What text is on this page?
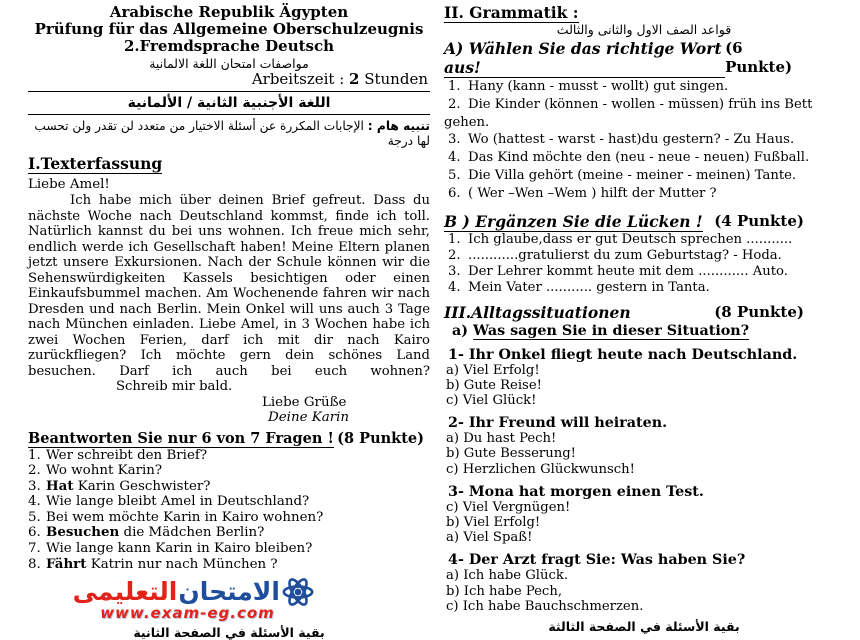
Arabische Republik Ägypten
Prüfung für das Allgemeine Oberschulzeugnis
2.Fremdsprache Deutsch
مواصفات امتحان اللغة الالمانية
Arbeitszeit : 2 Stunden
اللغة الأجنبية الثانية / الألمانية
تنبيه هام : الإجابات المكررة عن أسئلة الاختيار من متعدد لن تقدر ولن تحسب لها درجة
I.Texterfassung
Liebe Amel!

Ich habe mich über deinen Brief gefreut. Dass du nächste Woche nach Deutschland kommst, finde ich toll. Natürlich kannst du bei uns wohnen. Ich freue mich sehr, endlich werde ich Gesellschaft haben! Meine Eltern planen jetzt unsere Exkursionen. Nach der Schule können wir die Sehenswürdigkeiten Kassels besichtigen oder einen Einkaufsbummel machen. Am Wochenende fahren wir nach Dresden und nach Berlin. Mein Onkel will uns auch 3 Tage nach München einladen. Liebe Amel, in 3 Wochen habe ich zwei Wochen Ferien, darf ich mit dir nach Kairo zurückfliegen? Ich möchte gern dein schönes Land besuchen. Darf ich auch bei euch wohnen?Schreib mir bald.

Liebe Grüße
Deine Karin
Beantworten Sie nur 6 von 7 Fragen ! (8 Punkte)
1. Wer schreibt den Brief?
2. Wo wohnt Karin?
3. Hat Karin Geschwister?
4. Wie lange bleibt Amel in Deutschland?
5. Bei wem möchte Karin in Kairo wohnen?
6. Besuchen die Mädchen Berlin?
7. Wie lange kann Karin in Kairo bleiben?
8. Fährt Katrin nur nach München ?
الامتحان
التعليمى
www.exam-eg.com
بقية الأسئلة في الصفحة الثانية
II. Grammatik :
قواعد الصف الاول والثانى والثالث
A) Wählen Sie das richtige Wort aus!
(6 Punkte)
1. Hany (kann - musst - wollt) gut singen.
2. Die Kinder (können - wollen - müssen) früh ins Bett gehen.
3. Wo (hattest - warst - hast)du gestern? - Zu Haus.
4. Das Kind möchte den (neu - neue - neuen) Fußball.
5. Die Villa gehört (meine - meiner - meinen) Tante.
6. ( Wer –Wen –Wem ) hilft der Mutter ?
B ) Ergänzen Sie die Lücken ! (4 Punkte)
1. Ich glaube,dass er gut Deutsch sprechen ...........
2. ............gratulierst du zum Geburtstag? - Hoda.
3. Der Lehrer kommt heute mit dem ............ Auto.
4. Mein Vater ........... gestern in Tanta.
III.Alltagssituationen	(8 Punkte)
a) Was sagen Sie in dieser Situation?
1- Ihr Onkel fliegt heute nach Deutschland.
a) Viel Erfolg!
b) Gute Reise!
c) Viel Glück!
2- Ihr Freund will heiraten.
a) Du hast Pech!
b) Gute Besserung!
c) Herzlichen Glückwunsch!
3- Mona hat morgen einen Test.
c) Viel Vergnügen!
b) Viel Erfolg!
a) Viel Spaß!
4- Der Arzt fragt Sie: Was haben Sie?
a) Ich habe Glück.
b) Ich habe Pech,
c) Ich habe Bauchschmerzen.
بقية الأسئلة في الصفحة الثالثة
